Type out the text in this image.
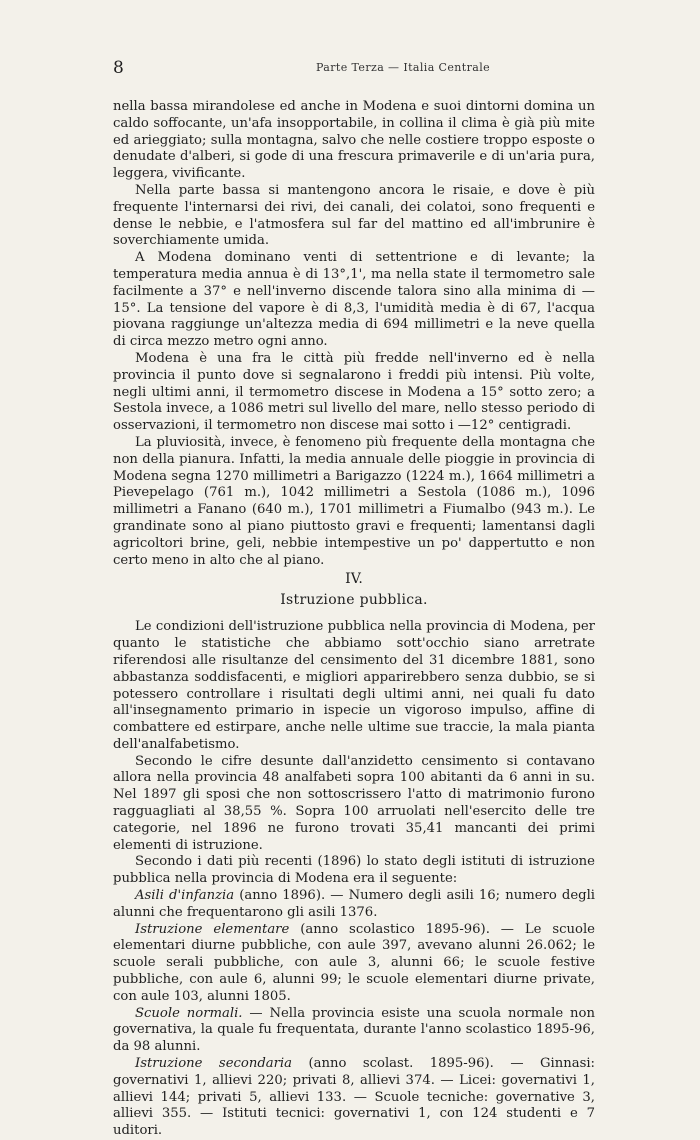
8	Parte Terza — Italia Centrale

nella bassa mirandolese ed anche in Modena e suoi dintorni domina un caldo soffocante, un'afa insopportabile, in collina il clima è già più mite ed arieggiato; sulla montagna, salvo che nelle costiere troppo esposte o denudate d'alberi, si gode di una frescura primaverile e di un'aria pura, leggera, vivificante.

Nella parte bassa si mantengono ancora le risaie, e dove è più frequente l'internarsi dei rivi, dei canali, dei colatoi, sono frequenti e dense le nebbie, e l'atmosfera sul far del mattino ed all'imbrunire è soverchiamente umida.

A Modena dominano venti di settentrione e di levante; la temperatura media annua è di 13°,1', ma nella state il termometro sale facilmente a 37° e nell'inverno discende talora sino alla minima di —15°. La tensione del vapore è di 8,3, l'umidità media è di 67, l'acqua piovana raggiunge un'altezza media di 694 millimetri e la neve quella di circa mezzo metro ogni anno.

Modena è una fra le città più fredde nell'inverno ed è nella provincia il punto dove si segnalarono i freddi più intensi. Più volte, negli ultimi anni, il termometro discese in Modena a 15° sotto zero; a Sestola invece, a 1086 metri sul livello del mare, nello stesso periodo di osservazioni, il termometro non discese mai sotto i —12° centigradi.

La pluviosità, invece, è fenomeno più frequente della montagna che non della pianura. Infatti, la media annuale delle pioggie in provincia di Modena segna 1270 millimetri a Barigazzo (1224 m.), 1664 millimetri a Pievepelago (761 m.), 1042 millimetri a Sestola (1086 m.), 1096 millimetri a Fanano (640 m.), 1701 millimetri a Fiumalbo (943 m.). Le grandinate sono al piano piuttosto gravi e frequenti; lamentansi dagli agricoltori brine, geli, nebbie intempestive un po' dappertutto e non certo meno in alto che al piano.

IV.
Istruzione pubblica.

Le condizioni dell'istruzione pubblica nella provincia di Modena, per quanto le statistiche che abbiamo sott'occhio siano arretrate riferendosi alle risultanze del censimento del 31 dicembre 1881, sono abbastanza soddisfacenti, e migliori apparirebbero senza dubbio, se si potessero controllare i risultati degli ultimi anni, nei quali fu dato all'insegnamento primario in ispecie un vigoroso impulso, affine di combattere ed estirpare, anche nelle ultime sue traccie, la mala pianta dell'analfabetismo.

Secondo le cifre desunte dall'anzidetto censimento si contavano allora nella provincia 48 analfabeti sopra 100 abitanti da 6 anni in su. Nel 1897 gli sposi che non sottoscrissero l'atto di matrimonio furono ragguagliati al 38,55 %. Sopra 100 arruolati nell'esercito delle tre categorie, nel 1896 ne furono trovati 35,41 mancanti dei primi elementi di istruzione.

Secondo i dati più recenti (1896) lo stato degli istituti di istruzione pubblica nella provincia di Modena era il seguente:

Asili d'infanzia (anno 1896). — Numero degli asili 16; numero degli alunni che frequentarono gli asili 1376.

Istruzione elementare (anno scolastico 1895-96). — Le scuole elementari diurne pubbliche, con aule 397, avevano alunni 26.062; le scuole serali pubbliche, con aule 3, alunni 66; le scuole festive pubbliche, con aule 6, alunni 99; le scuole elementari diurne private, con aule 103, alunni 1805.

Scuole normali. — Nella provincia esiste una scuola normale non governativa, la quale fu frequentata, durante l'anno scolastico 1895-96, da 98 alunni.

Istruzione secondaria (anno scolast. 1895-96). — Ginnasi: governativi 1, allievi 220; privati 8, allievi 374. — Licei: governativi 1, allievi 144; privati 5, allievi 133. — Scuole tecniche: governative 3, allievi 355. — Istituti tecnici: governativi 1, con 124 studenti e 7 uditori.
